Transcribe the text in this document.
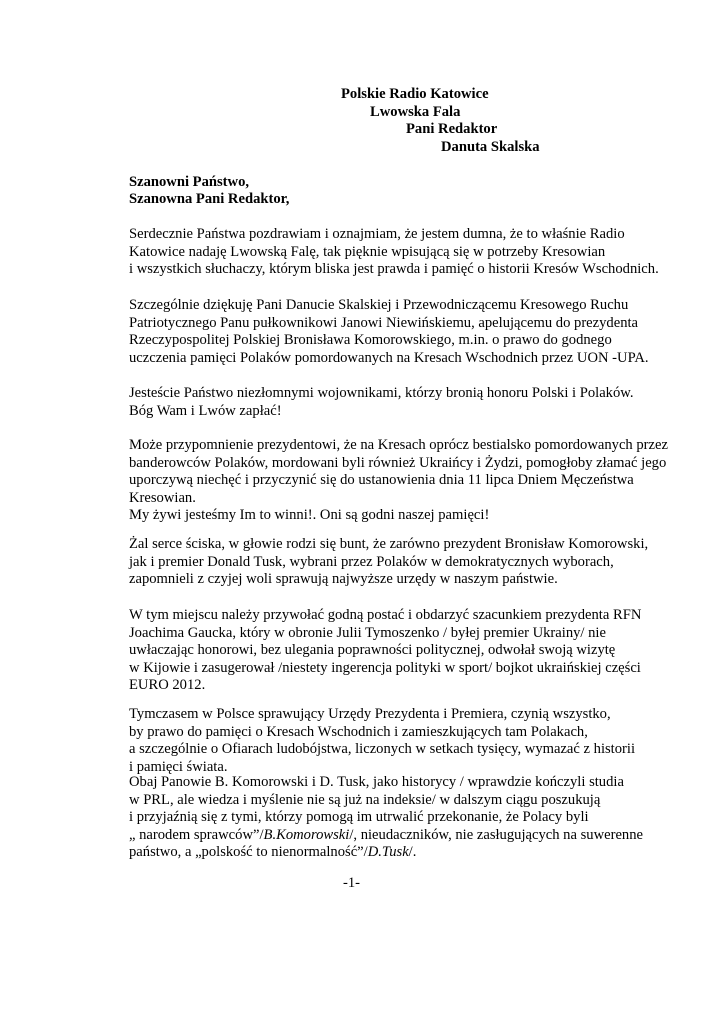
Polskie Radio Katowice
Lwowska Fala
Pani Redaktor
Danuta Skalska
Szanowni Państwo,
Szanowna Pani Redaktor,
Serdecznie Państwa pozdrawiam i oznajmiam, że jestem dumna, że to właśnie Radio
Katowice nadaję Lwowską Falę, tak pięknie wpisującą się w potrzeby Kresowian
i wszystkich słuchaczy, którym bliska jest prawda i pamięć o historii Kresów Wschodnich.
Szczególnie dziękuję Pani Danucie Skalskiej i Przewodniczącemu Kresowego Ruchu
Patriotycznego Panu pułkownikowi Janowi Niewińskiemu, apelującemu do prezydenta
Rzeczypospolitej Polskiej Bronisława Komorowskiego, m.in. o prawo do godnego
uczczenia pamięci Polaków pomordowanych na Kresach Wschodnich przez UON -UPA.
Jesteście Państwo niezłomnymi wojownikami, którzy bronią honoru Polski i Polaków.
Bóg Wam i Lwów zapłać!
Może przypomnienie prezydentowi, że na Kresach oprócz bestialsko pomordowanych przez
banderowców Polaków, mordowani byli również Ukraińcy i Żydzi, pomogłoby złamać jego
uporczywą niechęć i przyczynić się do ustanowienia dnia 11 lipca Dniem Męczeństwa
Kresowian.
My żywi jesteśmy Im to winni!. Oni są godni naszej pamięci!
Żal serce ściska, w głowie rodzi się bunt, że zarówno prezydent Bronisław Komorowski,
jak i premier Donald Tusk, wybrani przez Polaków w demokratycznych wyborach,
zapomnieli z czyjej woli sprawują najwyższe urzędy w naszym państwie.
W tym miejscu należy przywołać godną postać i obdarzyć szacunkiem prezydenta RFN
Joachima Gaucka, który w obronie Julii Tymoszenko / byłej premier Ukrainy/ nie
uwłaczając honorowi, bez ulegania poprawności politycznej, odwołał swoją wizytę
w Kijowie i zasugerował /niestety ingerencja polityki w sport/ bojkot ukraińskiej części
EURO 2012.
Tymczasem w Polsce sprawujący Urzędy Prezydenta i Premiera, czynią wszystko,
by prawo do pamięci o Kresach Wschodnich i zamieszkujących tam Polakach,
a szczególnie o Ofiarach ludobójstwa, liczonych w setkach tysięcy, wymazać z historii
i pamięci świata.
Obaj Panowie B. Komorowski i D. Tusk, jako historycy / wprawdzie kończyli studia
w PRL, ale wiedza i myślenie nie są już na indeksie/ w dalszym ciągu poszukują
i przyjaźnią się z tymi, którzy pomogą im utrwalić przekonanie, że Polacy byli
„ narodem sprawców”/B.Komorowski/, nieudaczników, nie zasługujących na suwerenne
państwo, a „polskość to nienormalność”/D.Tusk/.
-1-
